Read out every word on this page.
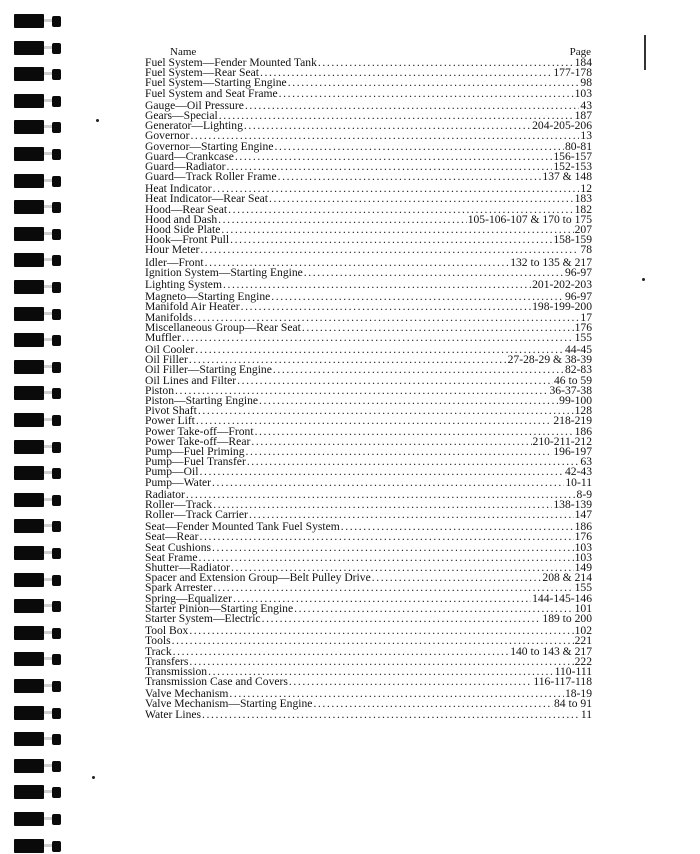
Name	Page
Fuel System—Fender Mounted Tank .....	184
Fuel System—Rear Seat .....	177-178
Fuel System—Starting Engine .....	98
Fuel System and Seat Frame .....	103
Gauge—Oil Pressure .....	43
Gears—Special .....	187
Generator—Lighting .....	204-205-206
Governor .....	13
Governor—Starting Engine .....	80-81
Guard—Crankcase .....	156-157
Guard—Radiator .....	152-153
Guard—Track Roller Frame .....	137 & 148
Heat Indicator .....	12
Heat Indicator—Rear Seat .....	183
Hood—Rear Seat .....	182
Hood and Dash .....	105-106-107 & 170 to 175
Hood Side Plate .....	207
Hook—Front Pull .....	158-159
Hour Meter .....	78
Idler—Front .....	132 to 135 & 217
Ignition System—Starting Engine .....	96-97
Lighting System .....	201-202-203
Magneto—Starting Engine .....	96-97
Manifold Air Heater .....	198-199-200
Manifolds .....	17
Miscellaneous Group—Rear Seat .....	176
Muffler .....	155
Oil Cooler .....	44-45
Oil Filler .....	27-28-29 & 38-39
Oil Filler—Starting Engine .....	82-83
Oil Lines and Filter .....	46 to 59
Piston .....	36-37-38
Piston—Starting Engine .....	99-100
Pivot Shaft .....	128
Power Lift .....	218-219
Power Take-off—Front .....	186
Power Take-off—Rear .....	210-211-212
Pump—Fuel Priming .....	196-197
Pump—Fuel Transfer .....	63
Pump—Oil .....	42-43
Pump—Water .....	10-11
Radiator .....	8-9
Roller—Track .....	138-139
Roller—Track Carrier .....	147
Seat—Fender Mounted Tank Fuel System .....	186
Seat—Rear .....	176
Seat Cushions .....	103
Seat Frame .....	103
Shutter—Radiator .....	149
Spacer and Extension Group—Belt Pulley Drive .....	208 & 214
Spark Arrester .....	155
Spring—Equalizer .....	144-145-146
Starter Pinion—Starting Engine .....	101
Starter System—Electric .....	189 to 200
Tool Box .....	102
Tools .....	221
Track .....	140 to 143 & 217
Transfers .....	222
Transmission .....	110-111
Transmission Case and Covers .....	116-117-118
Valve Mechanism .....	18-19
Valve Mechanism—Starting Engine .....	84 to 91
Water Lines .....	11
